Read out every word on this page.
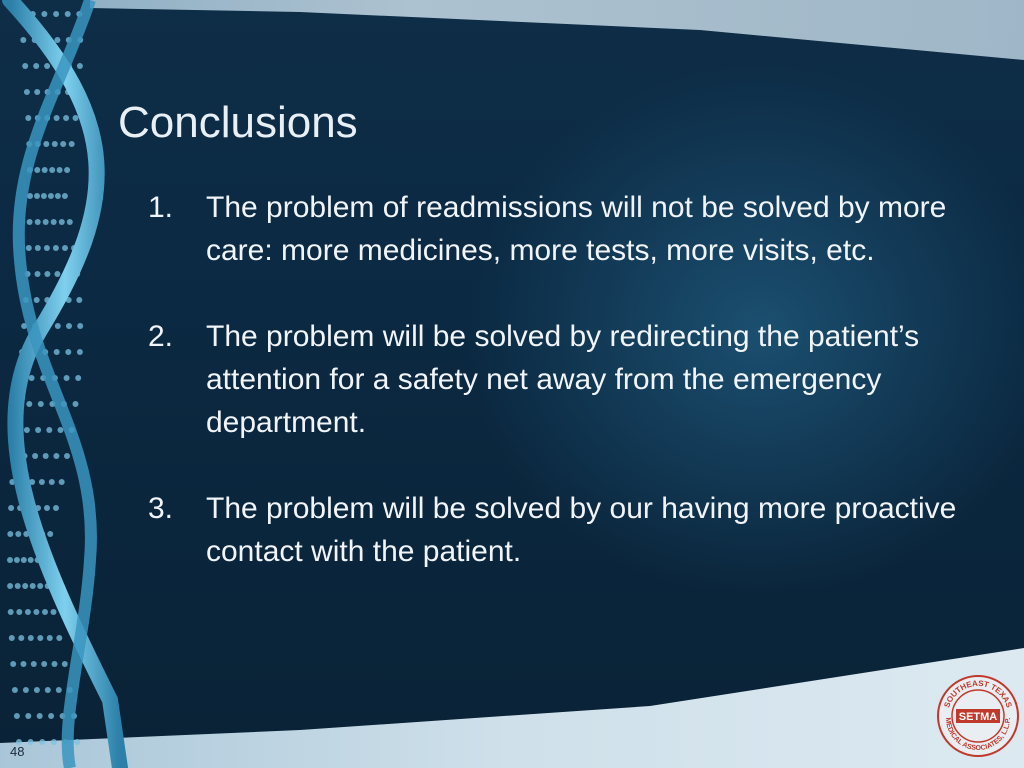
Conclusions
1.	The problem of readmissions will not be solved by more care: more medicines, more tests, more visits, etc.
2.	The problem will be solved by redirecting the patient’s attention for a safety net away from the emergency department.
3.	The problem will be solved by our having more proactive contact with the patient.
48
SOUTHEAST TEXAS
MEDICAL ASSOCIATES, L.L.P.
SETMA
